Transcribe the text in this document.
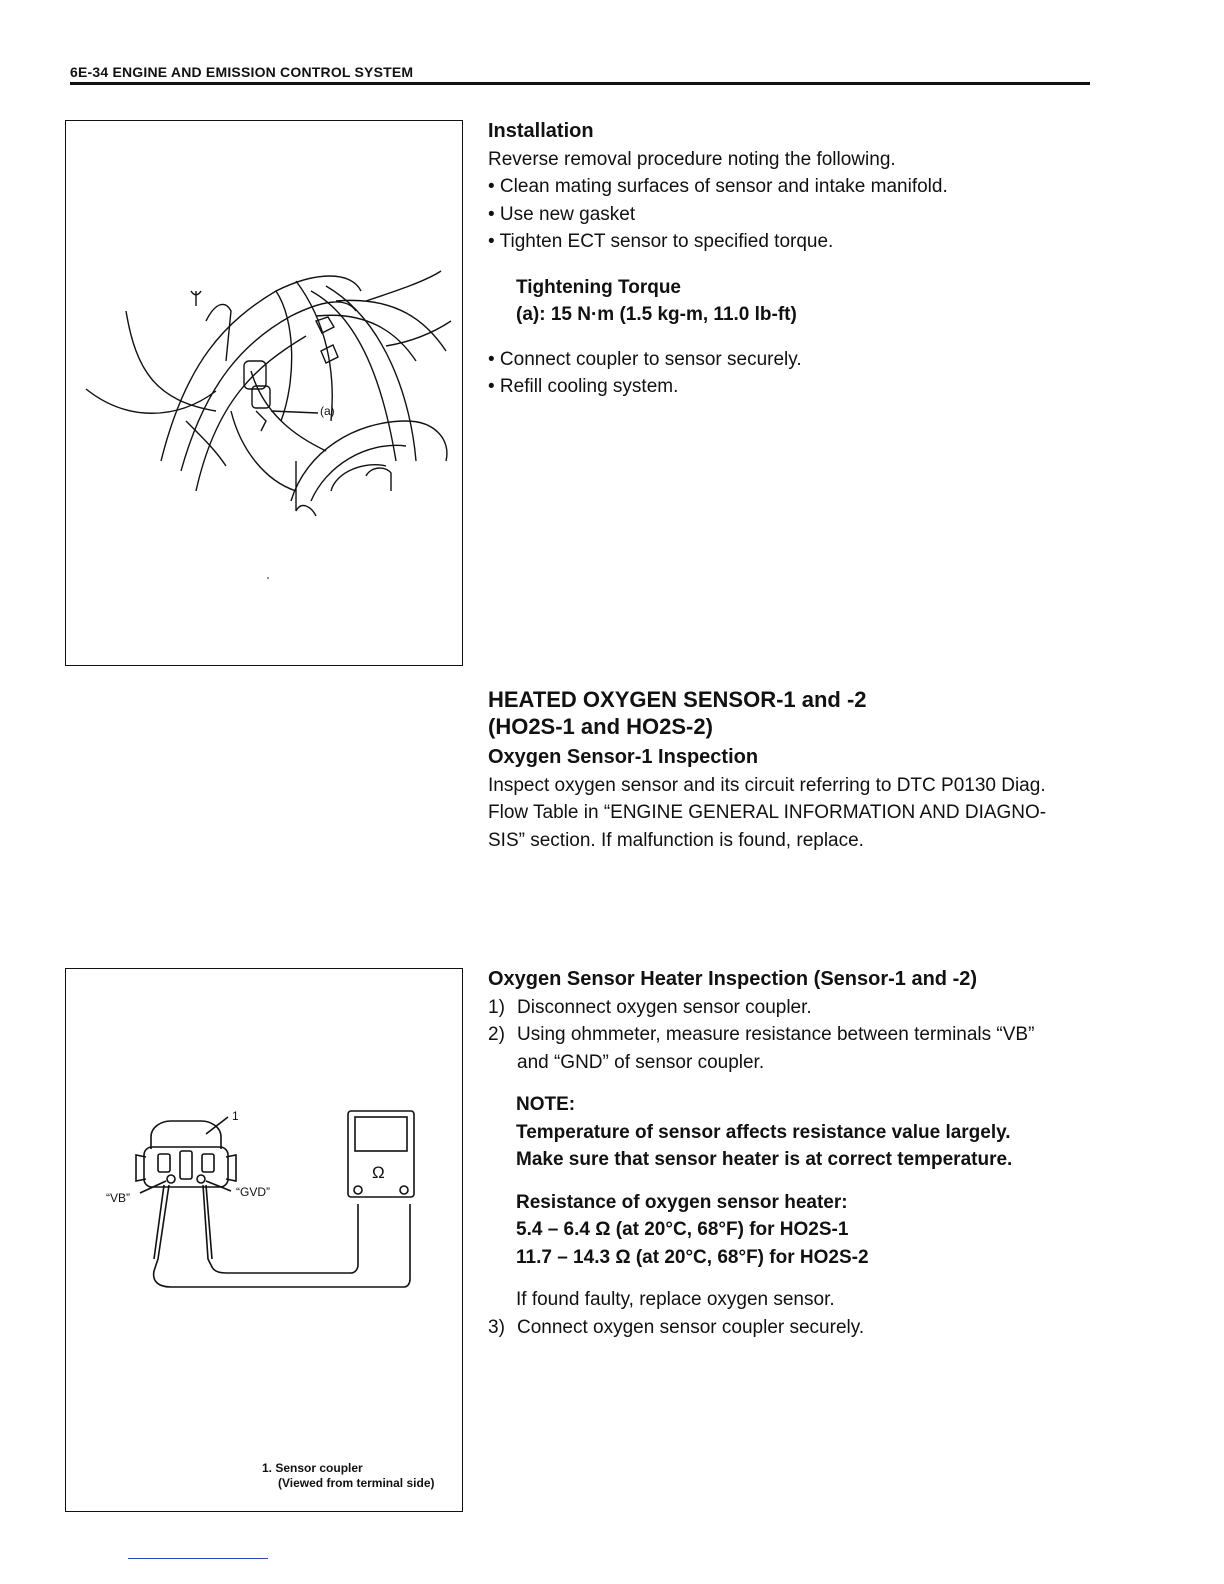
6E-34 ENGINE AND EMISSION CONTROL SYSTEM
(a)
Installation
Reverse removal procedure noting the following.
• Clean mating surfaces of sensor and intake manifold.
• Use new gasket
• Tighten ECT sensor to specified torque.
Tightening Torque
(a): 15 N·m (1.5 kg-m, 11.0 lb-ft)
• Connect coupler to sensor securely.
• Refill cooling system.
HEATED OXYGEN SENSOR-1 and -2
(HO2S-1 and HO2S-2)
Oxygen Sensor-1 Inspection
Inspect oxygen sensor and its circuit referring to DTC P0130 Diag.
Flow Table in “ENGINE GENERAL INFORMATION AND DIAGNO-
SIS” section. If malfunction is found, replace.
1
“VB”	“GVD”
Ω
1. Sensor coupler
(Viewed from terminal side)
Oxygen Sensor Heater Inspection (Sensor-1 and -2)
1) Disconnect oxygen sensor coupler.
2) Using ohmmeter, measure resistance between terminals “VB”
and “GND” of sensor coupler.
NOTE:
Temperature of sensor affects resistance value largely.
Make sure that sensor heater is at correct temperature.
Resistance of oxygen sensor heater:
5.4 – 6.4 Ω (at 20°C, 68°F) for HO2S-1
11.7 – 14.3 Ω (at 20°C, 68°F) for HO2S-2
If found faulty, replace oxygen sensor.
3) Connect oxygen sensor coupler securely.
